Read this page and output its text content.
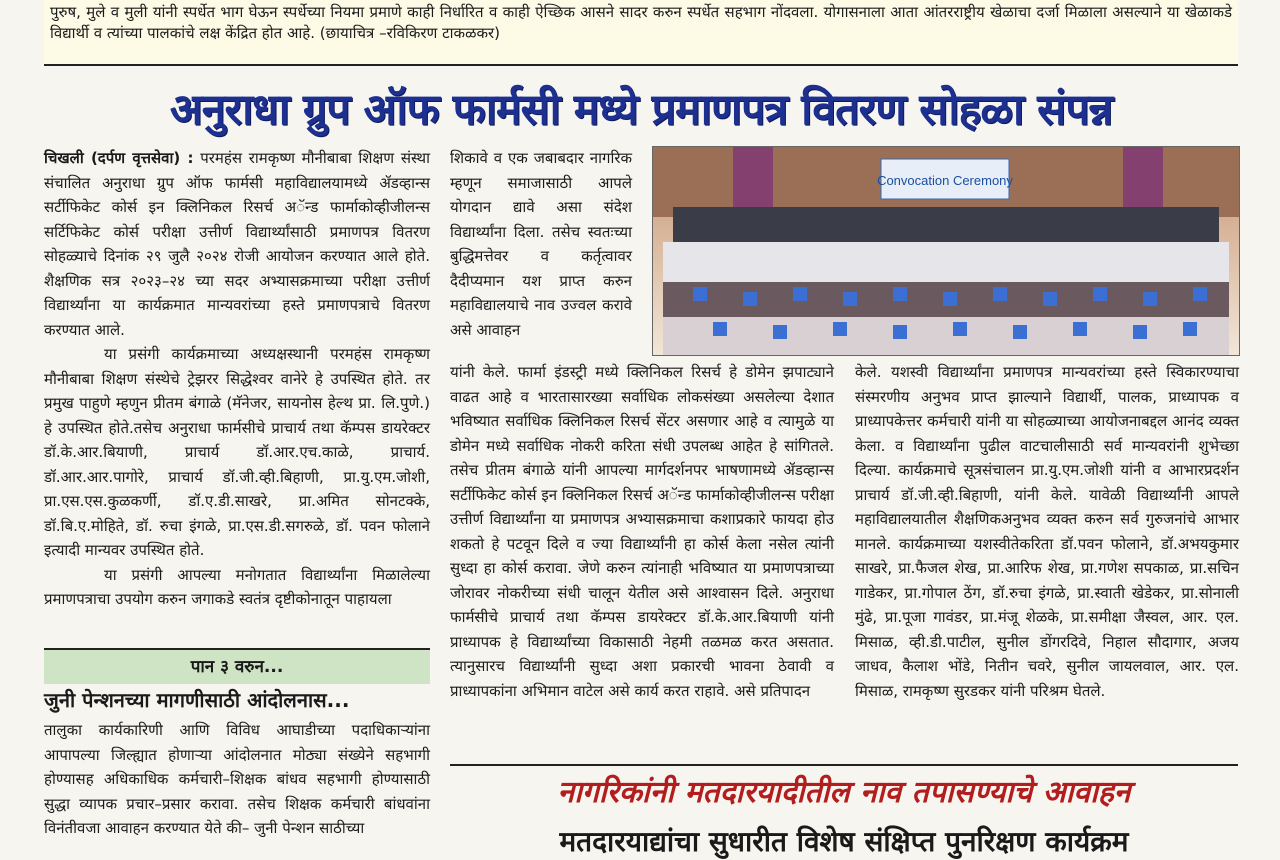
पुरुष, मुले व मुली यांनी स्पर्धेत भाग घेऊन स्पर्धेच्या नियमा प्रमाणे काही निर्धारित व काही ऐच्छिक आसने सादर करुन स्पर्धेत सहभाग नोंदवला. योगासनाला आता आंतरराष्ट्रीय खेळाचा दर्जा मिळाला असल्याने या खेळाकडे विद्यार्थी व त्यांच्या पालकांचे लक्ष केंद्रित होत आहे. (छायाचित्र –रविकिरण टाकळकर)

अनुराधा ग्रुप ऑफ फार्मसी मध्ये प्रमाणपत्र वितरण सोहळा संपन्न

चिखली (दर्पण वृत्तसेवा) : परमहंस रामकृष्ण मौनीबाबा शिक्षण संस्था संचालित अनुराधा ग्रुप ऑफ फार्मसी महाविद्यालयामध्ये ॲडव्हान्स सर्टीफिकेट कोर्स इन क्लिनिकल रिसर्च अॅन्ड फार्माकोव्हीजीलन्स सर्टिफिकेट कोर्स परीक्षा उत्तीर्ण विद्यार्थ्यांसाठी प्रमाणपत्र वितरण सोहळ्याचे दिनांक २९ जुलै २०२४ रोजी आयोजन करण्यात आले होते. शैक्षणिक सत्र २०२३–२४ च्या सदर अभ्यासक्रमाच्या परीक्षा उत्तीर्ण विद्यार्थ्यांना या कार्यक्रमात मान्यवरांच्या हस्ते प्रमाणपत्राचे वितरण करण्यात आले.

या प्रसंगी कार्यक्रमाच्या अध्यक्षस्थानी परमहंस रामकृष्ण मौनीबाबा शिक्षण संस्थेचे ट्रेझरर सिद्धेश्वर वानेरे हे उपस्थित होते. तर प्रमुख पाहुणे म्हणुन प्रीतम बंगाळे (मॅनेजर, सायनोस हेल्थ प्रा. लि.पुणे.) हे उपस्थित होते.तसेच अनुराधा फार्मसीचे प्राचार्य तथा कॅम्पस डायरेक्टर डॉ.के.आर.बियाणी, प्राचार्य डॉ.आर.एच.काळे, प्राचार्य. डॉ.आर.आर.पागोरे, प्राचार्य डॉ.जी.व्ही.बिहाणी, प्रा.यु.एम.जोशी, प्रा.एस.एस.कुळकर्णी, डॉ.ए.डी.साखरे, प्रा.अमित सोनटक्के, डॉ.बि.ए.मोहिते, डॉ. रुचा इंगळे, प्रा.एस.डी.सगरुळे, डॉ. पवन फोलाने इत्यादी मान्यवर उपस्थित होते.

या प्रसंगी आपल्या मनोगतात विद्यार्थ्यांना मिळालेल्या प्रमाणपत्राचा उपयोग करुन जगाकडे स्वतंत्र दृष्टीकोनातून पाहायला

शिकावे व एक जबाबदार नागरिक म्हणून समाजासाठी आपले योगदान द्यावे असा संदेश विद्यार्थ्यांना दिला. तसेच स्वतःच्या बुद्धिमत्तेवर व कर्तृत्वावर दैदीप्यमान यश प्राप्त करुन महाविद्यालयाचे नाव उज्वल करावे असे आवाहन

Convocation Ceremony

यांनी केले. फार्मा इंडस्ट्री मध्ये क्लिनिकल रिसर्च हे डोमेन झपाट्याने वाढत आहे व भारतासारख्या सर्वाधिक लोकसंख्या असलेल्या देशात भविष्यात सर्वाधिक क्लिनिकल रिसर्च सेंटर असणार आहे व त्यामुळे या डोमेन मध्ये सर्वाधिक नोकरी करिता संधी उपलब्ध आहेत हे सांगितले. तसेच प्रीतम बंगाळे यांनी आपल्या मार्गदर्शनपर भाषणामध्ये ॲडव्हान्स सर्टीफिकेट कोर्स इन क्लिनिकल रिसर्च अॅन्ड फार्माकोव्हीजीलन्स परीक्षा उत्तीर्ण विद्यार्थ्यांना या प्रमाणपत्र अभ्यासक्रमाचा कशाप्रकारे फायदा होउ शकतो हे पटवून दिले व ज्या विद्यार्थ्यांनी हा कोर्स केला नसेल त्यांनी सुध्दा हा कोर्स करावा. जेणे करुन त्यांनाही भविष्यात या प्रमाणपत्राच्या जोरावर नोकरीच्या संधी चालून येतील असे आश्वासन दिले. अनुराधा फार्मसीचे प्राचार्य तथा कॅम्पस डायरेक्टर डॉ.के.आर.बियाणी यांनी प्राध्यापक हे विद्यार्थ्यांच्या विकासाठी नेहमी तळमळ करत असतात. त्यानुसारच विद्यार्थ्यांनी सुध्दा अशा प्रकारची भावना ठेवावी व प्राध्यापकांना अभिमान वाटेल असे कार्य करत राहावे. असे प्रतिपादन

केले. यशस्वी विद्यार्थ्यांना प्रमाणपत्र मान्यवरांच्या हस्ते स्विकारण्याचा संस्मरणीय अनुभव प्राप्त झाल्याने विद्यार्थी, पालक, प्राध्यापक व प्राध्यापकेत्तर कर्मचारी यांनी या सोहळ्याच्या आयोजनाबद्दल आनंद व्यक्त केला. व विद्यार्थ्यांना पुढील वाटचालीसाठी सर्व मान्यवरांनी शुभेच्छा दिल्या. कार्यक्रमाचे सूत्रसंचालन प्रा.यु.एम.जोशी यांनी व आभारप्रदर्शन प्राचार्य डॉ.जी.व्ही.बिहाणी, यांनी केले. यावेळी विद्यार्थ्यांनी आपले महाविद्यालयातील शैक्षणिकअनुभव व्यक्त करुन सर्व गुरुजनांचे आभार मानले. कार्यक्रमाच्या यशस्वीतेकरिता डॉ.पवन फोलाने, डॉ.अभयकुमार साखरे, प्रा.फैजल शेख, प्रा.आरिफ शेख, प्रा.गणेश सपकाळ, प्रा.सचिन गाडेकर, प्रा.गोपाल ठेंग, डॉ.रुचा इंगळे, प्रा.स्वाती खेडेकर, प्रा.सोनाली मुंढे, प्रा.पूजा गावंडर, प्रा.मंजू शेळके, प्रा.समीक्षा जैस्वल, आर. एल. मिसाळ, व्ही.डी.पाटील, सुनील डोंगरदिवे, निहाल सौदागार, अजय जाधव, कैलाश भोंडे, नितीन चवरे, सुनील जायलवाल, आर. एल. मिसाळ, रामकृष्ण सुरडकर यांनी परिश्रम घेतले.

पान ३ वरुन...
जुनी पेन्शनच्या मागणीसाठी आंदोलनास...

तालुका कार्यकारिणी आणि विविध आघाडीच्या पदाधिकाऱ्यांना आपापल्या जिल्ह्यात होणाऱ्या आंदोलनात मोठ्या संख्येने सहभागी होण्यासह अधिकाधिक कर्मचारी–शिक्षक बांधव सहभागी होण्यासाठी सुद्धा व्यापक प्रचार–प्रसार करावा. तसेच शिक्षक कर्मचारी बांधवांना विनंतीवजा आवाहन करण्यात येते की– जुनी पेन्शन साठीच्या

नागरिकांनी मतदारयादीतील नाव तपासण्याचे आवाहन
मतदारयाद्यांचा सुधारीत विशेष संक्षिप्त पुनरिक्षण कार्यक्रम
